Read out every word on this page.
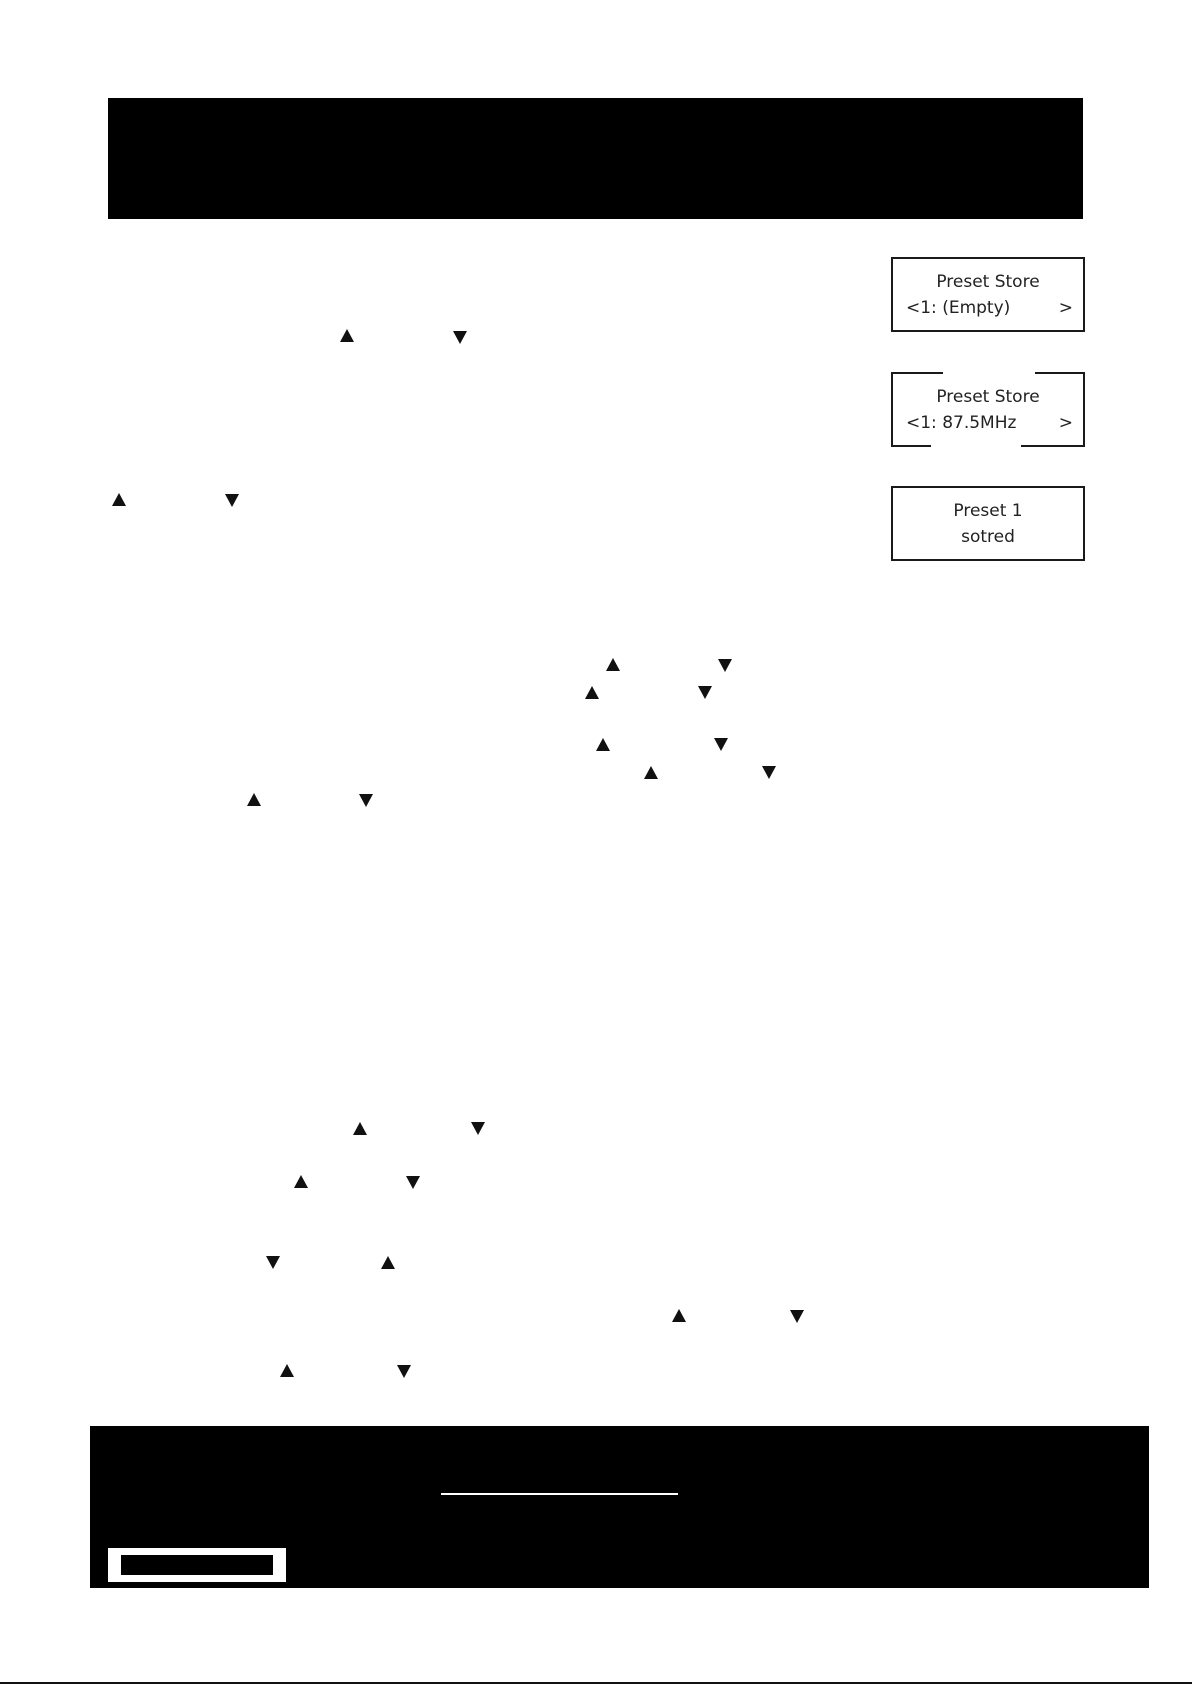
Preset Store
<1: (Empty)	>
Preset Store
<1: 87.5MHz	>
Preset 1
sotred
